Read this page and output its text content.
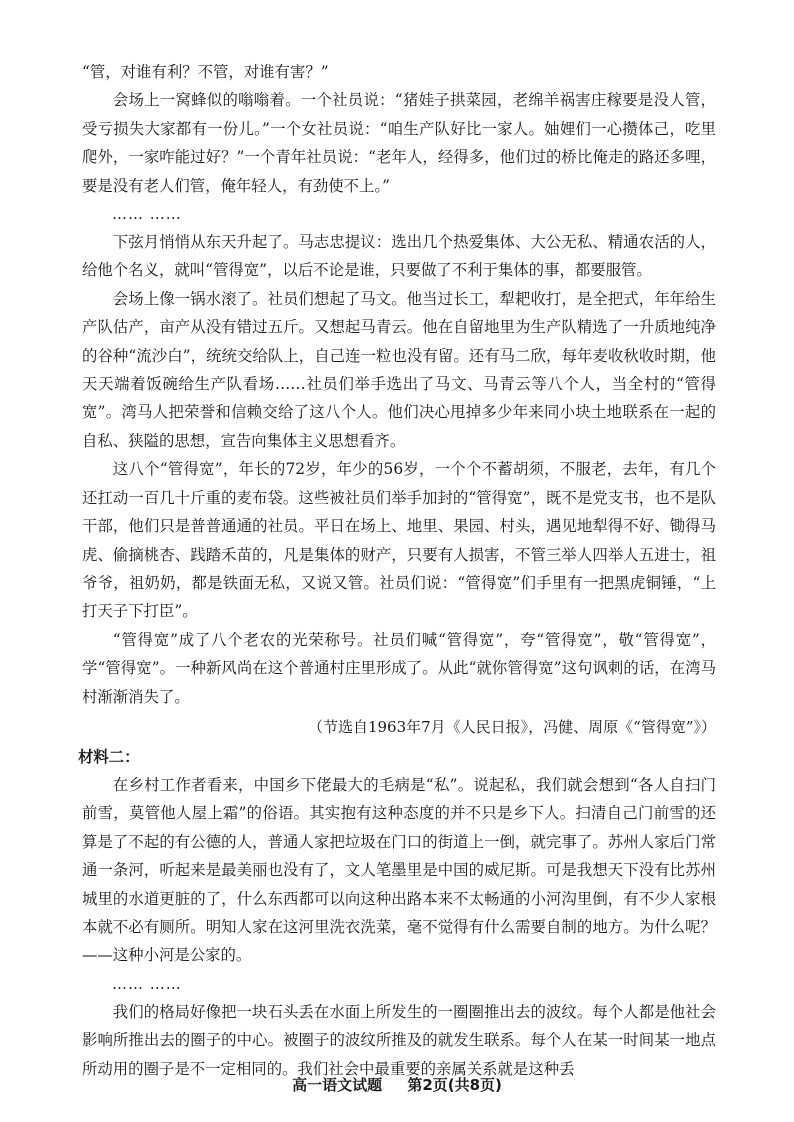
“管，对谁有利？不管，对谁有害？”

会场上一窝蜂似的嗡嗡着。一个社员说：“猪娃子拱菜园，老绵羊祸害庄稼要是没人管，受亏损失大家都有一份儿。”一个女社员说：“咱生产队好比一家人。妯娌们一心攒体己，吃里爬外，一家咋能过好？”一个青年社员说：“老年人，经得多，他们过的桥比俺走的路还多哩，要是没有老人们管，俺年轻人，有劲使不上。”

…… ……

下弦月悄悄从东天升起了。马志忠提议：选出几个热爱集体、大公无私、精通农活的人，给他个名义，就叫“管得宽”，以后不论是谁，只要做了不利于集体的事，都要服管。

会场上像一锅水滚了。社员们想起了马文。他当过长工，犁耙收打，是全把式，年年给生产队估产，亩产从没有错过五斤。又想起马青云。他在自留地里为生产队精选了一升质地纯净的谷种“流沙白”，统统交给队上，自己连一粒也没有留。还有马二欣，每年麦收秋收时期，他天天端着饭碗给生产队看场……社员们举手选出了马文、马青云等八个人，当全村的“管得宽”。湾马人把荣誉和信赖交给了这八个人。他们决心甩掉多少年来同小块土地联系在一起的自私、狭隘的思想，宣告向集体主义思想看齐。

这八个“管得宽”，年长的72岁，年少的56岁，一个个不蓄胡须，不服老，去年，有几个还扛动一百几十斤重的麦布袋。这些被社员们举手加封的“管得宽”，既不是党支书，也不是队干部，他们只是普普通通的社员。平日在场上、地里、果园、村头，遇见地犁得不好、锄得马虎、偷摘桃杏、践踏禾苗的，凡是集体的财产，只要有人损害，不管三举人四举人五进士，祖爷爷，祖奶奶，都是铁面无私，又说又管。社员们说：“管得宽”们手里有一把黑虎铜锤，“上打天子下打臣”。

“管得宽”成了八个老农的光荣称号。社员们喊“管得宽”，夸“管得宽”，敬“管得宽”，学“管得宽”。一种新风尚在这个普通村庄里形成了。从此“就你管得宽”这句讽刺的话，在湾马村渐渐消失了。

（节选自1963年7月《人民日报》，冯健、周原《“管得宽”》）

材料二：

在乡村工作者看来，中国乡下佬最大的毛病是“私”。说起私，我们就会想到“各人自扫门前雪，莫管他人屋上霜”的俗语。其实抱有这种态度的并不只是乡下人。扫清自己门前雪的还算是了不起的有公德的人，普通人家把垃圾在门口的街道上一倒，就完事了。苏州人家后门常通一条河，听起来是最美丽也没有了，文人笔墨里是中国的威尼斯。可是我想天下没有比苏州城里的水道更脏的了，什么东西都可以向这种出路本来不太畅通的小河沟里倒，有不少人家根本就不必有厕所。明知人家在这河里洗衣洗菜，毫不觉得有什么需要自制的地方。为什么呢？——这种小河是公家的。

…… ……

我们的格局好像把一块石头丢在水面上所发生的一圈圈推出去的波纹。每个人都是他社会影响所推出去的圈子的中心。被圈子的波纹所推及的就发生联系。每个人在某一时间某一地点所动用的圈子是不一定相同的。我们社会中最重要的亲属关系就是这种丢

高一语文试题 第2页(共8页)
